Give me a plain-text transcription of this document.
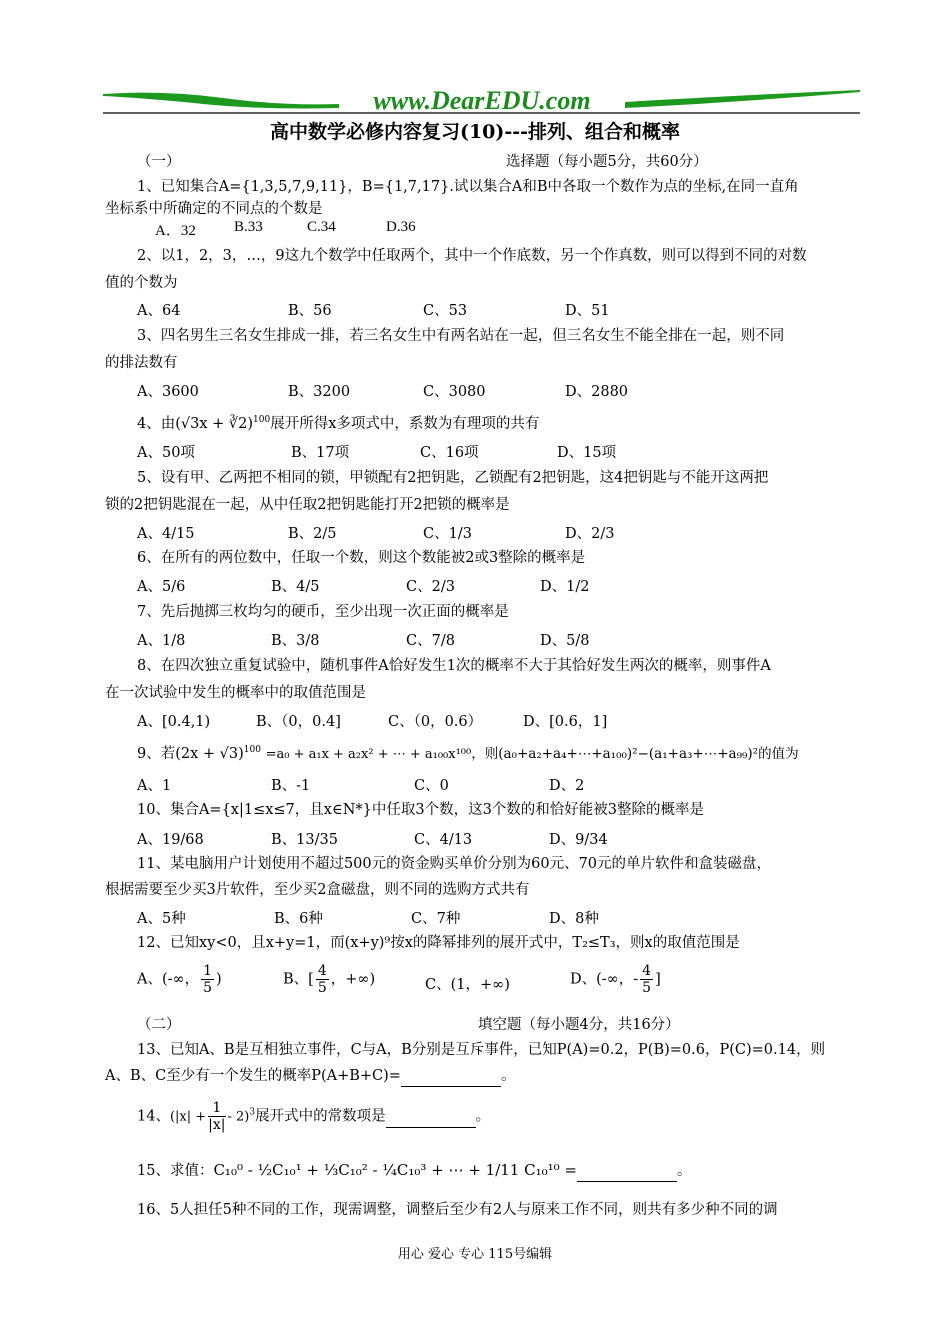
www.DearEDU.com
高中数学必修内容复习(10)---排列、组合和概率
（一）	选择题（每小题5分，共60分）
1、已知集合A={1,3,5,7,9,11}，B={1,7,17}.试以集合A和B中各取一个数作为点的坐标,在同一直角
坐标系中所确定的不同点的个数是
A．32	B.33	C.34	D.36
2、以1，2，3，…，9这九个数学中任取两个，其中一个作底数，另一个作真数，则可以得到不同的对数
值的个数为
A、64	B、56	C、53	D、51
3、四名男生三名女生排成一排，若三名女生中有两名站在一起，但三名女生不能全排在一起，则不同
的排法数有
A、3600	B、3200	C、3080	D、2880
4、由(√3x + ∛2)$^{100}$展开所得x多项式中，系数为有理项的共有
A、50项	B、17项	C、16项	D、15项
5、设有甲、乙两把不相同的锁，甲锁配有2把钥匙，乙锁配有2把钥匙，这4把钥匙与不能开这两把
锁的2把钥匙混在一起，从中任取2把钥匙能打开2把锁的概率是
A、4/15	B、2/5	C、1/3	D、2/3
6、在所有的两位数中，任取一个数，则这个数能被2或3整除的概率是
A、5/6	B、4/5	C、2/3	D、1/2
7、先后抛掷三枚均匀的硬币，至少出现一次正面的概率是
A、1/8	B、3/8	C、7/8	D、5/8
8、在四次独立重复试验中，随机事件A恰好发生1次的概率不大于其恰好发生两次的概率，则事件A
在一次试验中发生的概率中的取值范围是
A、[0.4,1)	B、（0，0.4]	C、（0，0.6）	D、[0.6，1]
9、若$(2x + √3)^{100} =a_0 + a_1x + a_2x^2$ + ⋯ + a₁₀₀x¹⁰⁰，则(a₀+a₂+a₄+⋯+a₁₀₀)²−(a₁+a₃+⋯+a₉₉)²的值为
A、1	B、-1	C、0	D、2
10、集合A={x|1≤x≤7，且x∈N*}中任取3个数，这3个数的和恰好能被3整除的概率是
A、19/68	B、13/35	C、4/13	D、9/34
11、某电脑用户计划使用不超过500元的资金购买单价分别为60元、70元的单片软件和盒装磁盘，
根据需要至少买3片软件，至少买2盒磁盘，则不同的选购方式共有
A、5种	B、6种	C、7种	D、8种
12、已知xy<0，且x+y=1，而(x+y)⁹按x的降幂排列的展开式中，T₂≤T₃，则x的取值范围是
A、(-∞， $\frac{1}{5}$ )	B、[ $\frac{4}{5}$ ，+∞)	C、(1，+∞)	D、(-∞，- $\frac{4}{5}$ ]
（二）	填空题（每小题4分，共16分）
13、已知A、B是互相独立事件，C与A，B分别是互斥事件，已知P(A)=0.2，P(B)=0.6，P(C)=0.14，则
A、B、C至少有一个发生的概率P(A+B+C)=	。
14、$(|x| + \frac{1}{|x|} - 2)^3$展开式中的常数项是	。
15、求值：C₁₀⁰ - ½C₁₀¹ + ⅓C₁₀² - ¼C₁₀³ + ⋯ + 1/11 C₁₀¹⁰ =	。
16、5人担任5种不同的工作，现需调整，调整后至少有2人与原来工作不同，则共有多少种不同的调
用心 爱心 专心 115号编辑
